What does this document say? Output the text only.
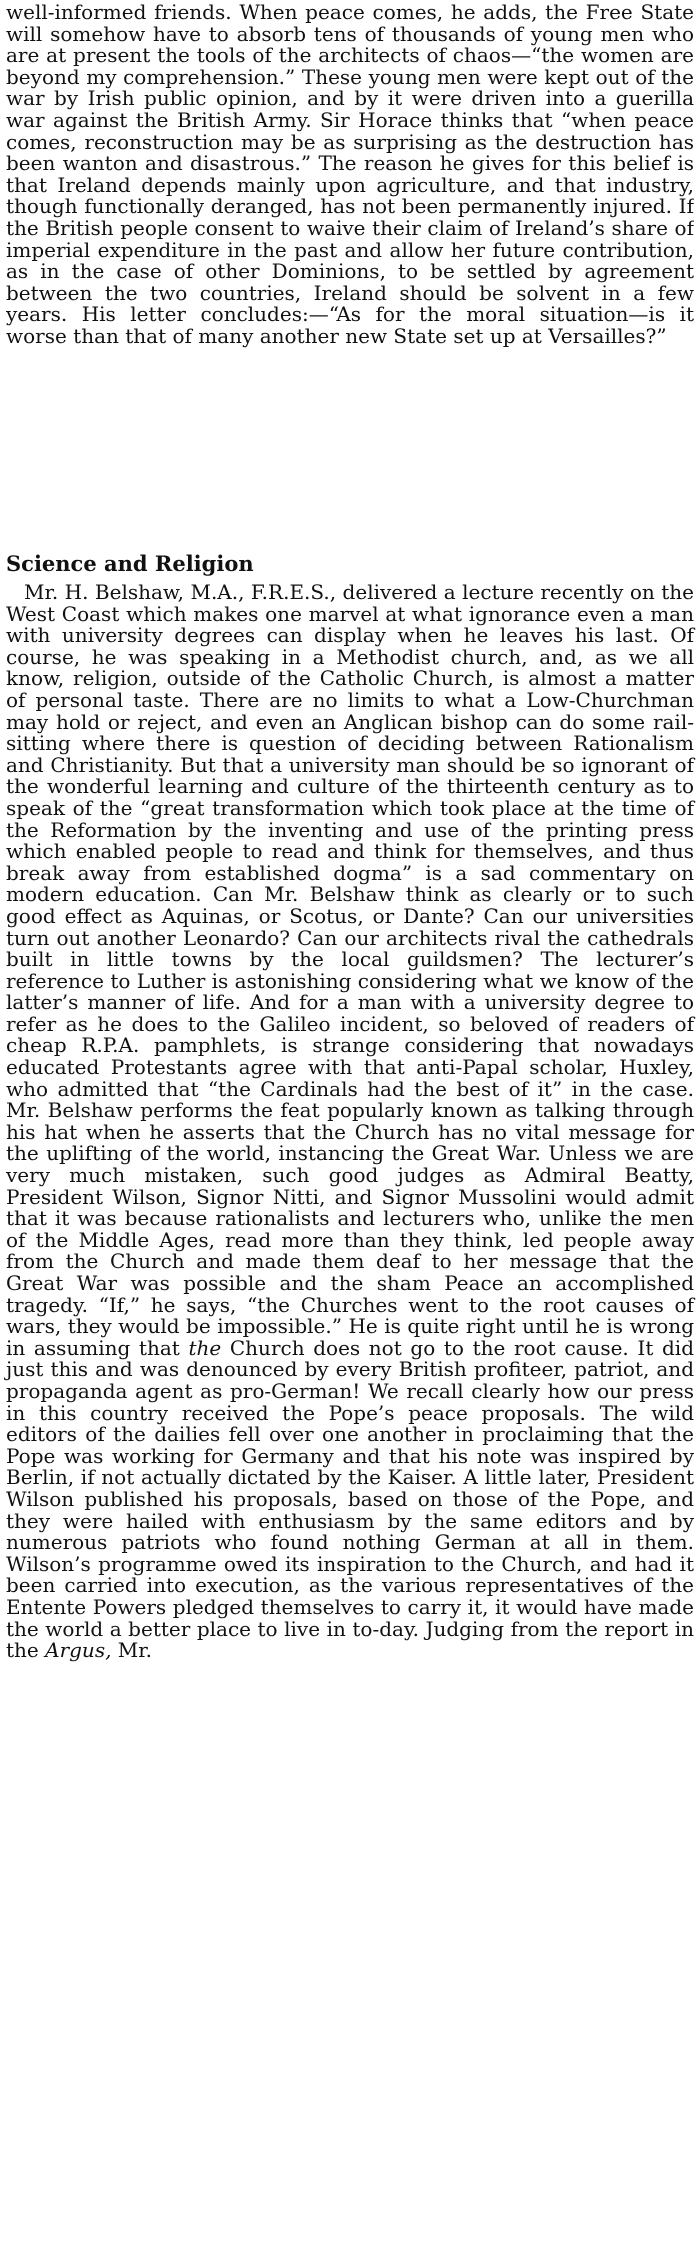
well-informed friends. When peace comes, he adds, the Free State will somehow have to absorb tens of thousands of young men who are at present the tools of the architects of chaos—“the women are beyond my comprehension.” These young men were kept out of the war by Irish public opinion, and by it were driven into a guerilla war against the British Army. Sir Horace thinks that “when peace comes, reconstruction may be as surprising as the destruction has been wanton and disastrous.” The reason he gives for this belief is that Ireland depends mainly upon agriculture, and that industry, though functionally deranged, has not been permanently injured. If the British people consent to waive their claim of Ireland’s share of imperial expenditure in the past and allow her future contribution, as in the case of other Dominions, to be settled by agreement between the two countries, Ireland should be solvent in a few years. His letter concludes:—“As for the moral situation—is it worse than that of many another new State set up at Versailles?”

Science and Religion

Mr. H. Belshaw, M.A., F.R.E.S., delivered a lecture recently on the West Coast which makes one marvel at what ignorance even a man with university degrees can display when he leaves his last. Of course, he was speaking in a Methodist church, and, as we all know, religion, outside of the Catholic Church, is almost a matter of personal taste. There are no limits to what a Low-Churchman may hold or reject, and even an Anglican bishop can do some rail-sitting where there is question of deciding between Rationalism and Christianity. But that a university man should be so ignorant of the wonderful learning and culture of the thirteenth century as to speak of the “great transformation which took place at the time of the Reformation by the inventing and use of the printing press which enabled people to read and think for themselves, and thus break away from established dogma” is a sad commentary on modern education. Can Mr. Belshaw think as clearly or to such good effect as Aquinas, or Scotus, or Dante? Can our universities turn out another Leonardo? Can our architects rival the cathedrals built in little towns by the local guildsmen? The lecturer’s reference to Luther is astonishing considering what we know of the latter’s manner of life. And for a man with a university degree to refer as he does to the Galileo incident, so beloved of readers of cheap R.P.A. pamphlets, is strange considering that nowadays educated Protestants agree with that anti-Papal scholar, Huxley, who admitted that “the Cardinals had the best of it” in the case. Mr. Belshaw performs the feat popularly known as talking through his hat when he asserts that the Church has no vital message for the uplifting of the world, instancing the Great War. Unless we are very much mistaken, such good judges as Admiral Beatty, President Wilson, Signor Nitti, and Signor Mussolini would admit that it was because rationalists and lecturers who, unlike the men of the Middle Ages, read more than they think, led people away from the Church and made them deaf to her message that the Great War was possible and the sham Peace an accomplished tragedy. “If,” he says, “the Churches went to the root causes of wars, they would be impossible.” He is quite right until he is wrong in assuming that the Church does not go to the root cause. It did just this and was denounced by every British profiteer, patriot, and propaganda agent as pro-German! We recall clearly how our press in this country received the Pope’s peace proposals. The wild editors of the dailies fell over one another in proclaiming that the Pope was working for Germany and that his note was inspired by Berlin, if not actually dictated by the Kaiser. A little later, President Wilson published his proposals, based on those of the Pope, and they were hailed with enthusiasm by the same editors and by numerous patriots who found nothing German at all in them. Wilson’s programme owed its inspiration to the Church, and had it been carried into execution, as the various representatives of the Entente Powers pledged themselves to carry it, it would have made the world a better place to live in to-day. Judging from the report in the Argus, Mr.
